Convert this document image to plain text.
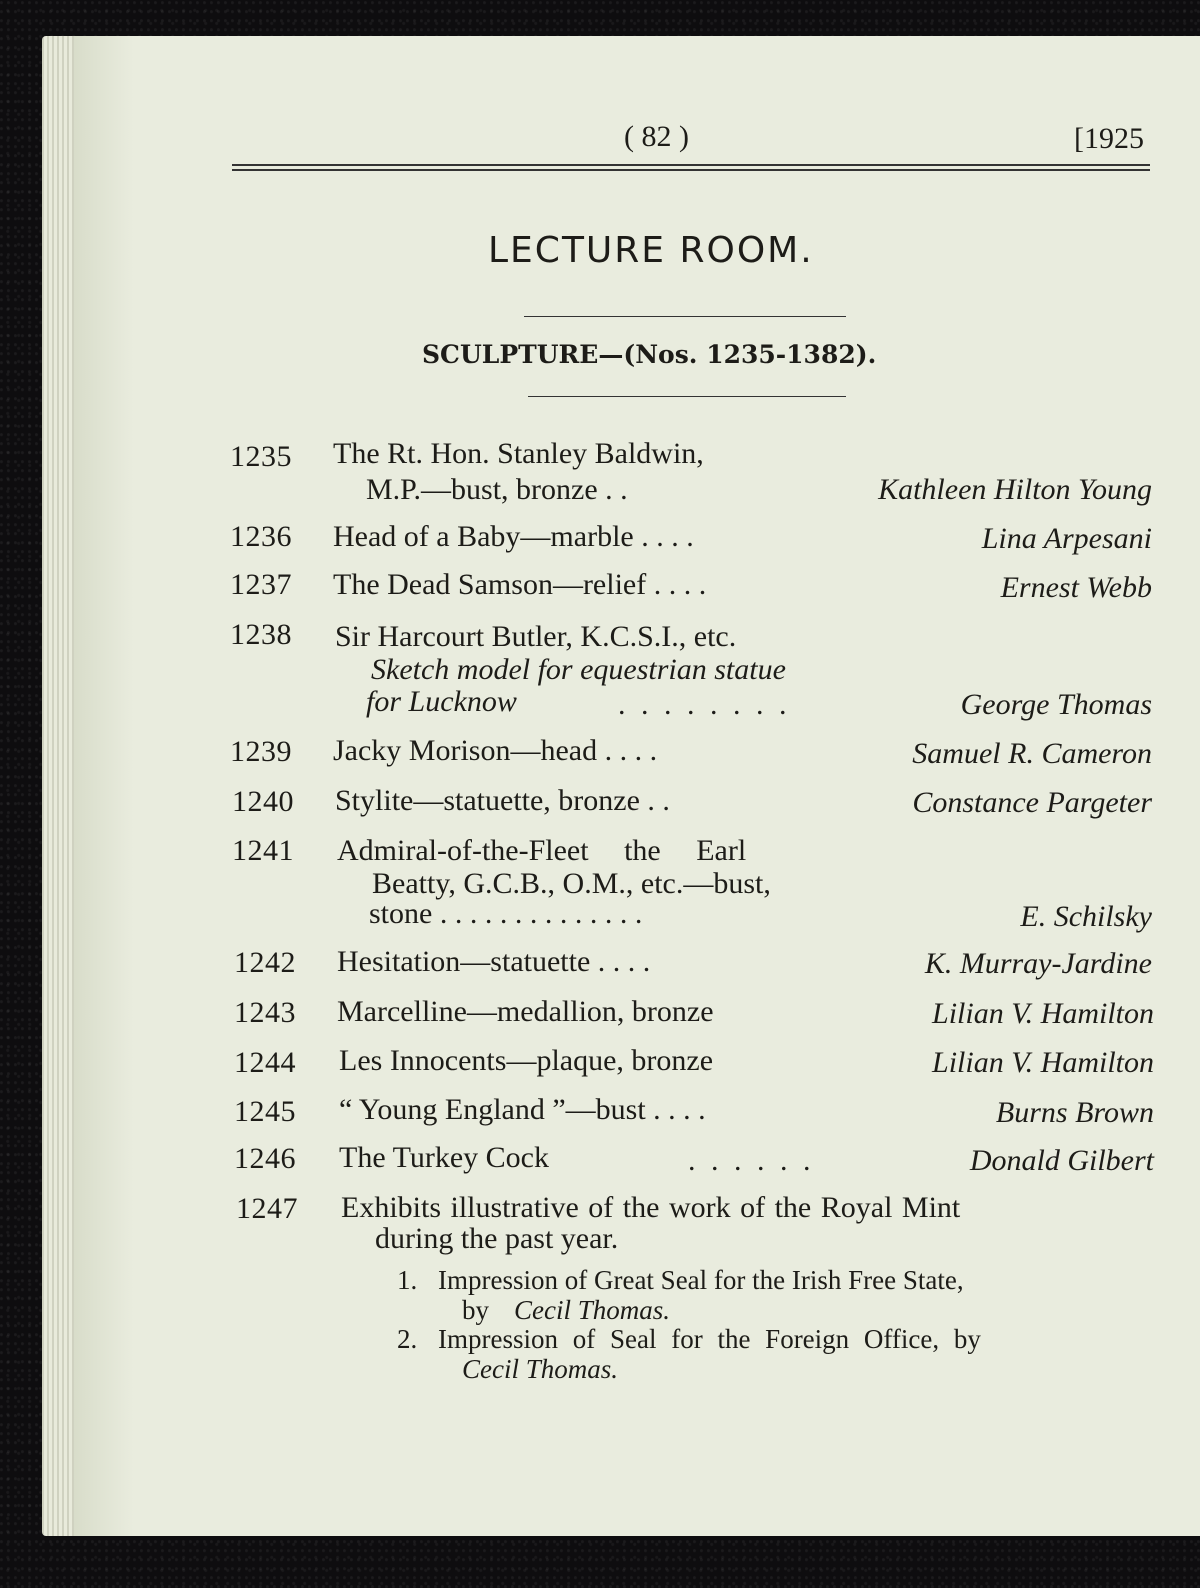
( 82 )	[1925
LECTURE ROOM.
SCULPTURE—(Nos. 1235-1382).
1235 The Rt. Hon. Stanley Baldwin,
M.P.—bust, bronze . .	Kathleen Hilton Young
1236 Head of a Baby—marble . . . .	Lina Arpesani
1237 The Dead Samson—relief . . . .	Ernest Webb
1238 Sir Harcourt Butler, K.C.S.I., etc.
Sketch model for equestrian statue
for Lucknow	. . . . . . . .	George Thomas
1239 Jacky Morison—head . . . .	Samuel R. Cameron
1240 Stylite—statuette, bronze . .	Constance Pargeter
1241 Admiral-of-the-Fleet the Earl
Beatty, G.C.B., O.M., etc.—bust,
stone . . . . . . . . . . . . . .	E. Schilsky
1242 Hesitation—statuette . . . .	K. Murray-Jardine
1243 Marcelline—medallion, bronze	Lilian V. Hamilton
1244 Les Innocents—plaque, bronze	Lilian V. Hamilton
1245 “ Young England ”—bust . . . .	Burns Brown
1246 The Turkey Cock	. . . . . .	Donald Gilbert
1247 Exhibits illustrative of the work of the Royal Mint
during the past year.
1. Impression of Great Seal for the Irish Free State,
by Cecil Thomas.
2. Impression of Seal for the Foreign Office, by
Cecil Thomas.
